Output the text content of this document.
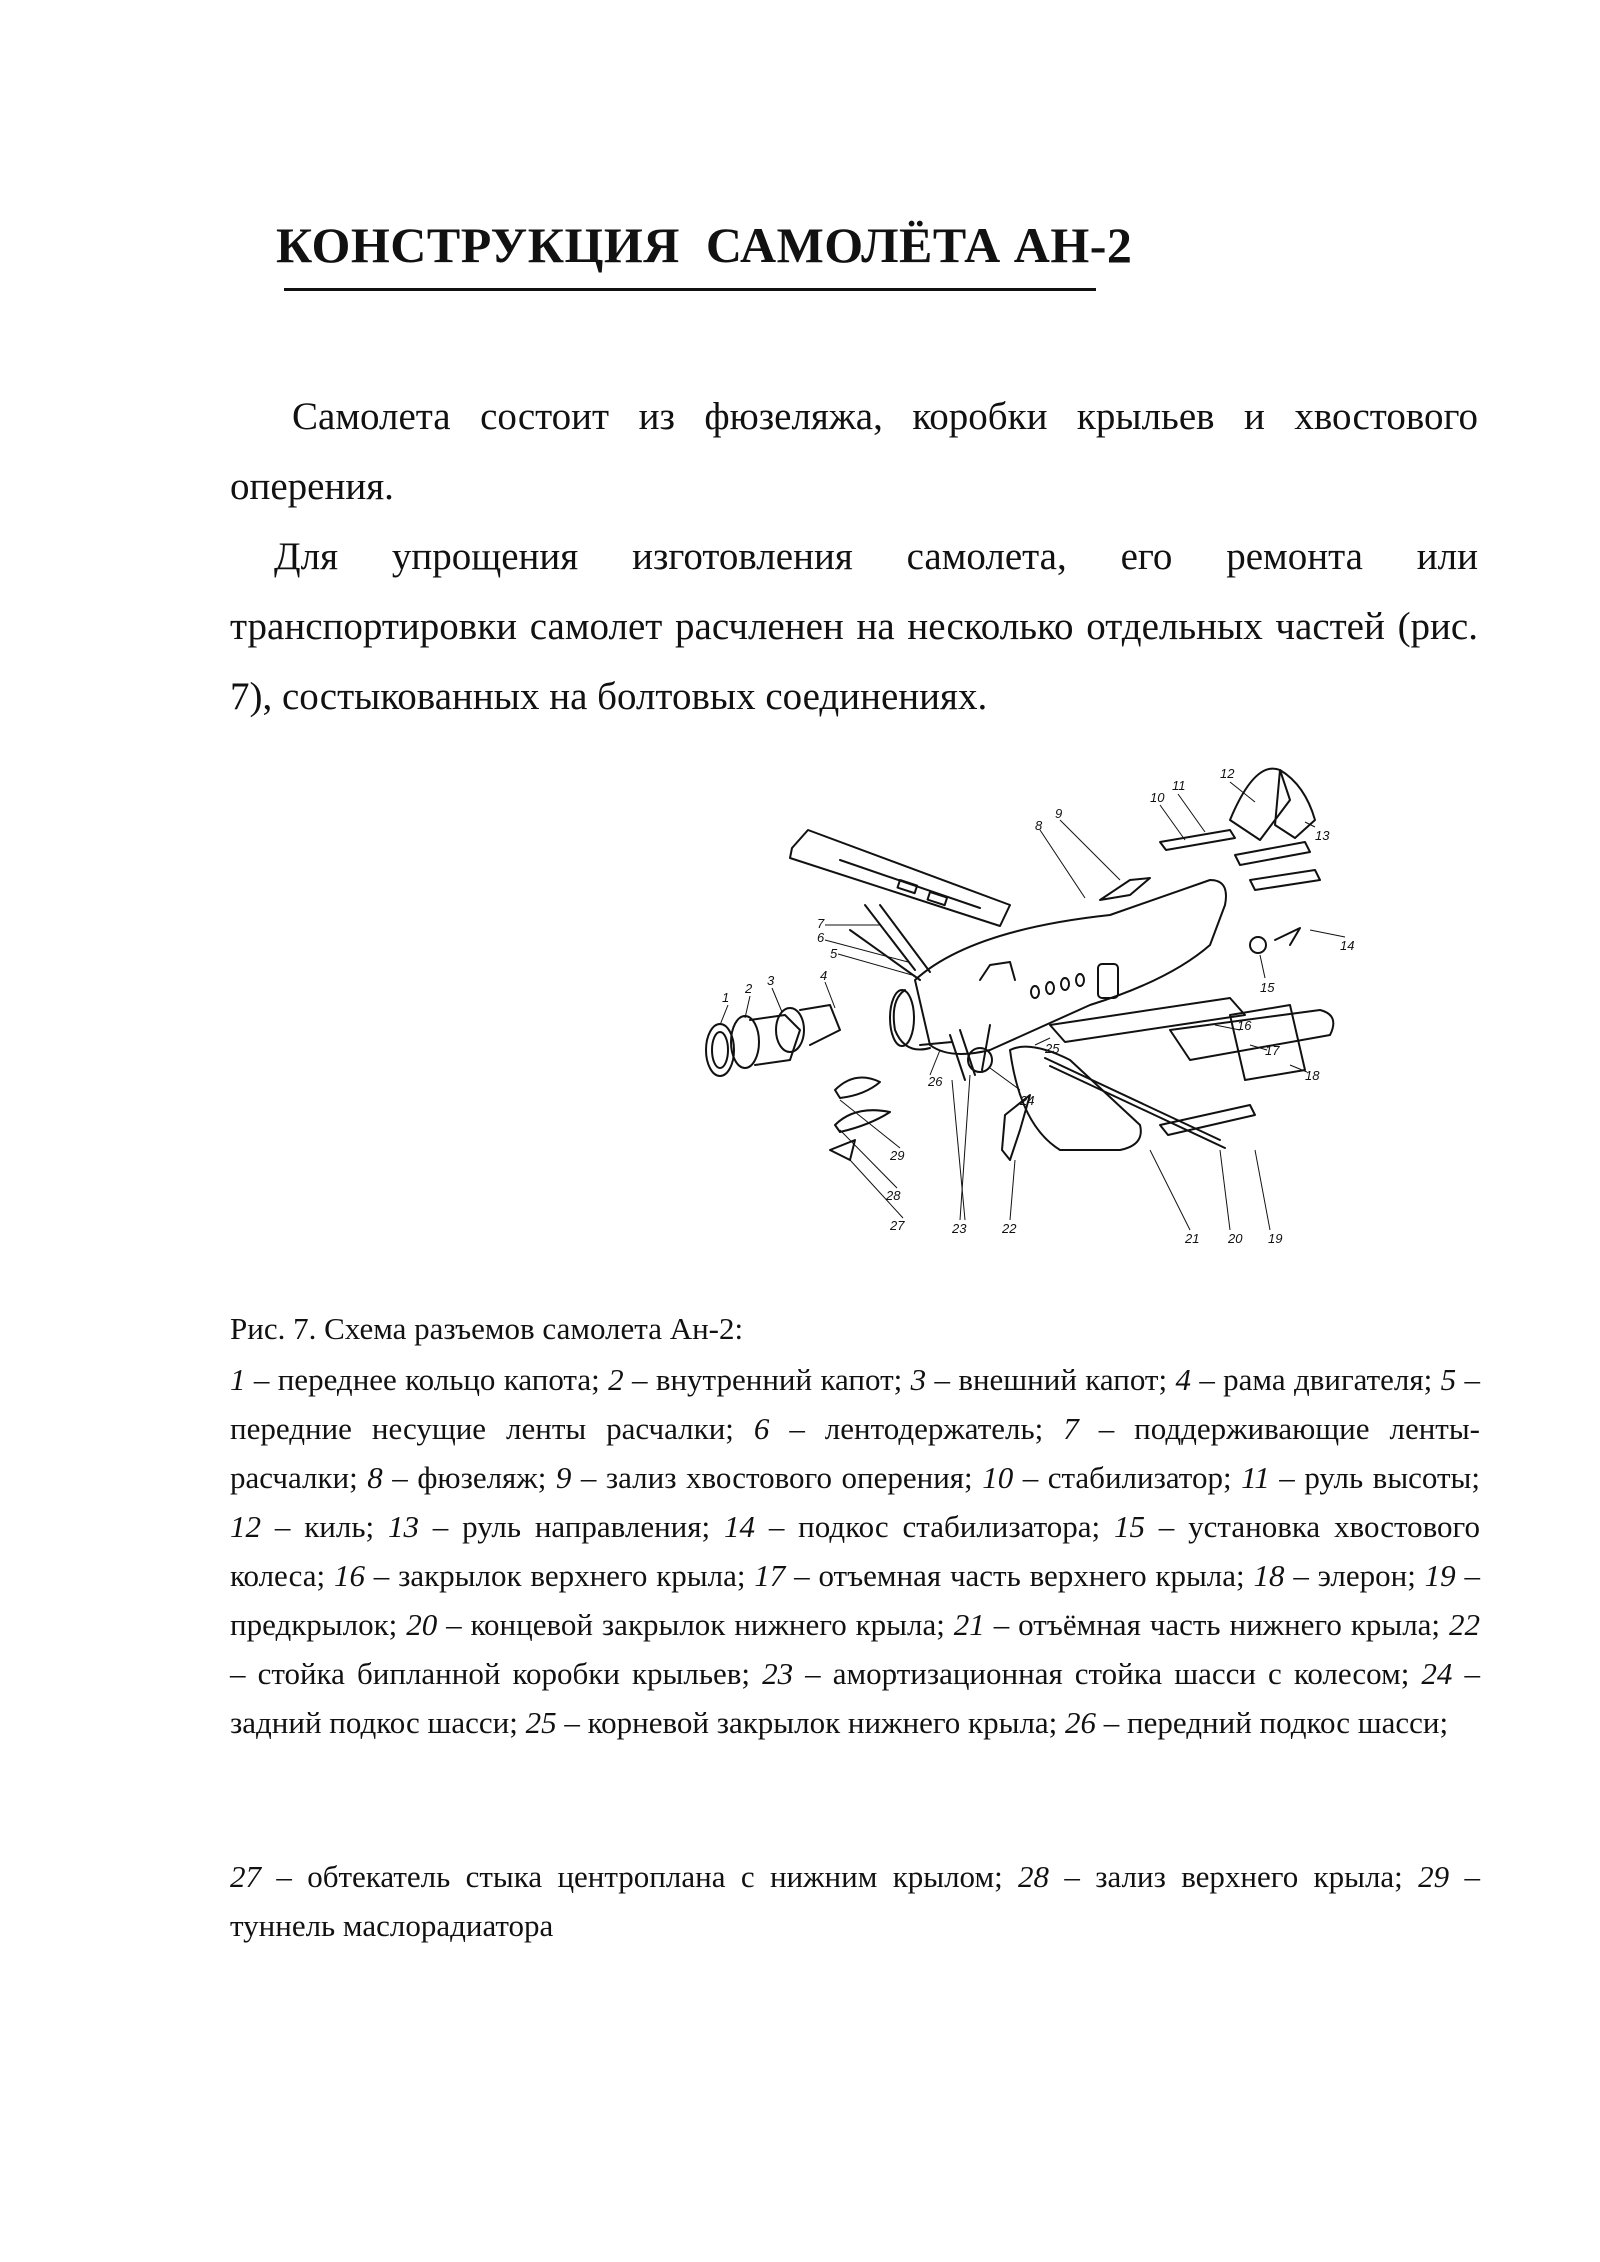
КОНСТРУКЦИЯ  САМОЛЁТА АН-2

Самолета состоит из фюзеляжа, коробки крыльев и хвостового оперения.

Для упрощения изготовления самолета, его ремонта или транспортировки самолет расчленен на несколько отдельных частей (рис. 7), состыкованных на болтовых соединениях.

1
2
3	4
5
6
7
8
9
10
11
12
13
14
15
16
17
18
19
20
21
22
23
24
25
26
27
28
29

Рис. 7. Схема разъемов самолета Ан-2:

1 – переднее кольцо капота; 2 – внутренний капот; 3 – внешний капот; 4 – рама двигателя; 5 – передние несущие ленты расчалки; 6 – лентодержатель; 7 – поддерживающие ленты-расчалки; 8 – фюзеляж; 9 – зализ хвостового оперения; 10 – стабилизатор; 11 – руль высоты; 12 – киль; 13 – руль направления; 14 – подкос стабилизатора; 15 – установка хвостового колеса; 16 – закрылок верхнего крыла; 17 – отъемная часть верхнего крыла; 18 – элерон; 19 – предкрылок; 20 – концевой закрылок нижнего крыла; 21 – отъёмная часть нижнего крыла; 22 – стойка бипланной коробки крыльев; 23 – амортизационная стойка шасси с колесом; 24 – задний подкос шасси; 25 – корневой закрылок нижнего крыла; 26 – передний подкос шасси;

27 – обтекатель стыка центроплана с нижним крылом; 28 – зализ верхнего крыла; 29 – туннель маслорадиатора
